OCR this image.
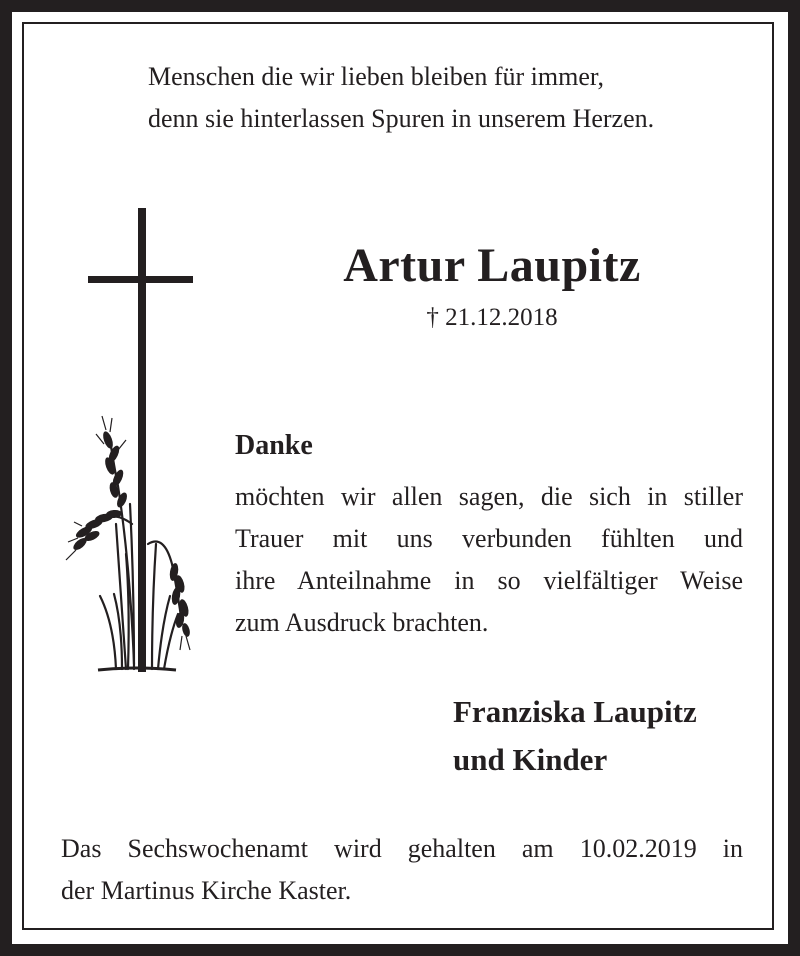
Menschen die wir lieben bleiben für immer,
denn sie hinterlassen Spuren in unserem Herzen.
Artur Laupitz
† 21.12.2018
Danke
möchten wir allen sagen, die sich in stiller
Trauer mit uns verbunden fühlten und
ihre Anteilnahme in so vielfältiger Weise
zum Ausdruck brachten.
Franziska Laupitz
und Kinder
Das Sechswochenamt wird gehalten am 10.02.2019 in
der Martinus Kirche Kaster.
